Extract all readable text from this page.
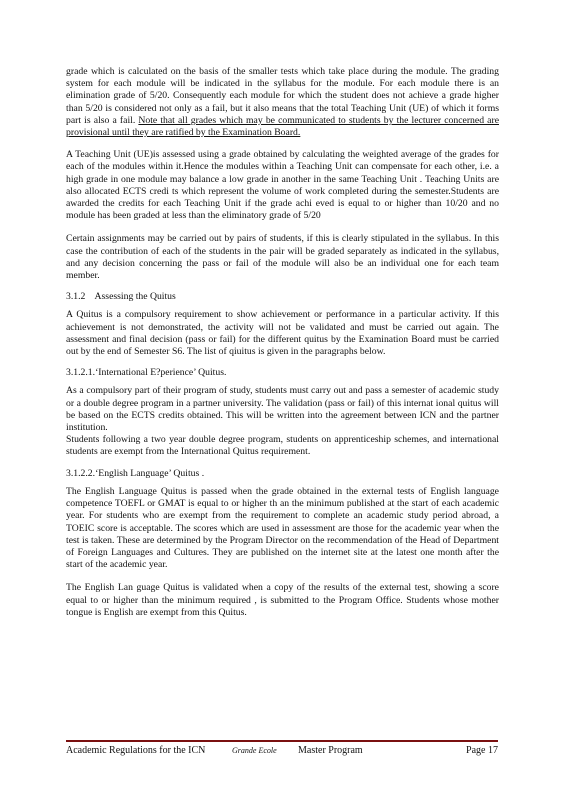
grade which is calculated on the basis of the smaller tests which take place during the module. The grading system for each module will be indicated in the syllabus for the module. For each module there is an elimination grade of 5/20. Consequently each module for which the student does not achieve a grade higher than 5/20 is considered not only as a fail, but it also means that the total Teaching Unit (UE) of which it forms part is also a fail. Note that all grades which may be communicated to students by the lecturer concerned are provisional until they are ratified by the Examination Board.

A Teaching Unit (UE)is assessed using a grade obtained by calculating the weighted average of the grades for each of the modules within it.Hence the modules within a Teaching Unit can compensate for each other, i.e. a high grade in one module may balance a low grade in another in the same Teaching Unit . Teaching Units are also allocated ECTS credi ts which represent the volume of work completed during the semester.Students are awarded the credits for each Teaching Unit if the grade achi eved is equal to or higher than 10/20 and no module has been graded at less than the eliminatory grade of 5/20

Certain assignments may be carried out by pairs of students, if this is clearly stipulated in the syllabus. In this case the contribution of each of the students in the pair will be graded separately as indicated in the syllabus, and any decision concerning the pass or fail of the module will also be an individual one for each team member.

3.1.2    Assessing the Quitus

A Quitus is a compulsory requirement to show achievement or performance in a particular activity. If this achievement is not demonstrated, the activity will not be validated and must be carried out again. The assessment and final decision (pass or fail) for the different quitus by the Examination Board must be carried out by the end of Semester S6. The list of qiuitus is given in the paragraphs below.

3.1.2.1.‘International E?perience’ Quitus.

As a compulsory part of their program of study, students must carry out and pass a semester of academic study or a double degree program in a partner university. The validation (pass or fail) of this internat ional quitus will be based on the ECTS credits obtained. This will be written into the agreement between ICN and the partner institution.

Students following a two year double degree program, students on apprenticeship schemes, and international students are exempt from the International Quitus requirement.

3.1.2.2.‘English Language’ Quitus .

The English Language Quitus is passed when the grade obtained in the external tests of English language competence TOEFL or GMAT is equal to or higher th an the minimum published at the start of each academic year. For students who are exempt from the requirement to complete an academic study period abroad, a TOEIC score is acceptable. The scores which are used in assessment are those for the academic year when the test is taken. These are determined by the Program Director on the recommendation of the Head of Department of Foreign Languages and Cultures. They are published on the internet site at the latest one month after the start of the academic year.

The English Lan guage Quitus is validated when a copy of the results of the external test, showing a score equal to or higher than the minimum required , is submitted to the Program Office. Students whose mother tongue is English are exempt from this Quitus.

Academic Regulations for the ICN	Grande Ecole Master Program	Page 17
